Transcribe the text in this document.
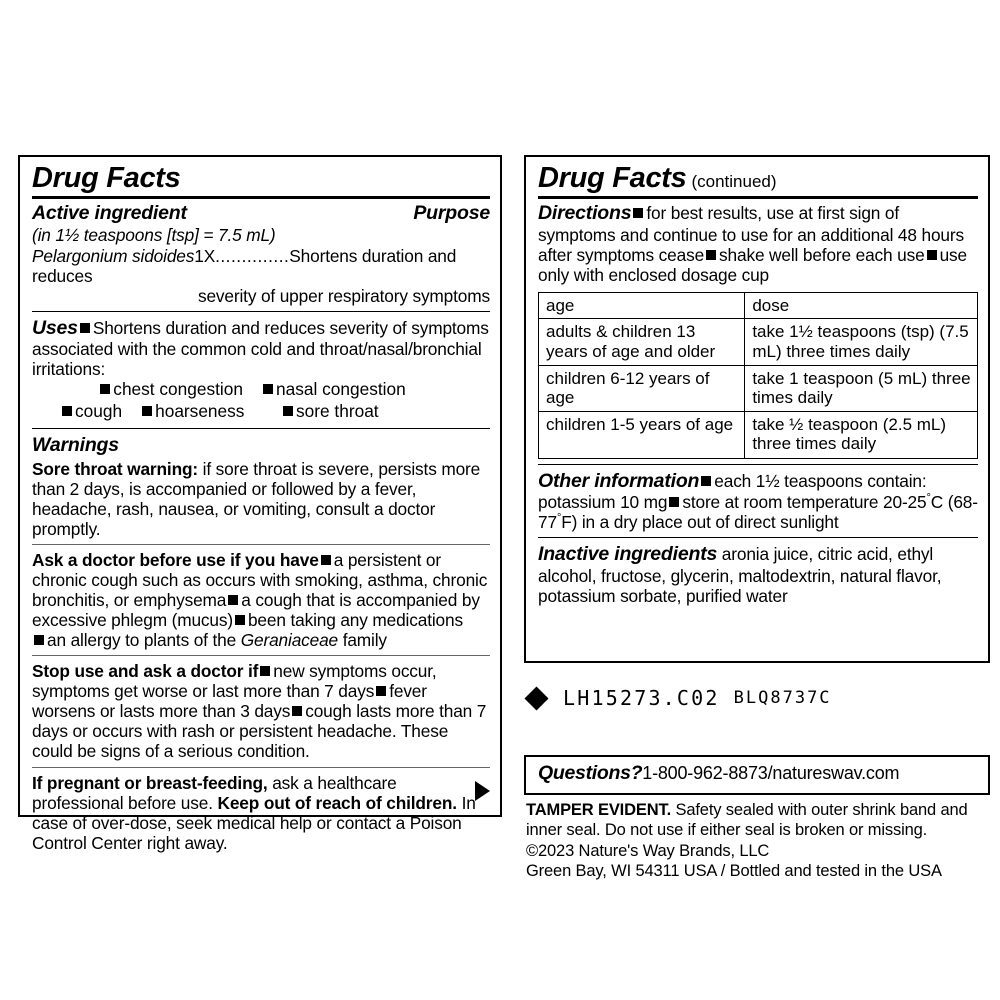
Drug Facts
Active ingredient	Purpose
(in 1½ teaspoons [tsp] = 7.5 mL)
Pelargonium sidoides1X..............Shortens duration and reduces
severity of upper respiratory symptoms
Uses Shortens duration and reduces severity of symptoms associated with the common cold and throat/nasal/bronchial irritations:
chest congestion	nasal congestion
cough hoarseness	sore throat
Warnings
Sore throat warning: if sore throat is severe, persists more than 2 days, is accompanied or followed by a fever, headache, rash, nausea, or vomiting, consult a doctor promptly.
Ask a doctor before use if you have a persistent or chronic cough such as occurs with smoking, asthma, chronic bronchitis, or emphysema a cough that is accompanied by excessive phlegm (mucus) been taking any medications
an allergy to plants of the Geraniaceae family
Stop use and ask a doctor if new symptoms occur, symptoms get worse or last more than 7 days fever worsens or lasts more than 3 days cough lasts more than 7 days or occurs with rash or persistent headache. These could be signs of a serious condition.
If pregnant or breast-feeding, ask a healthcare professional before use. Keep out of reach of children. In case of over-dose, seek medical help or contact a Poison Control Center right away.
Drug Facts (continued)
Directions for best results, use at first sign of symptoms and continue to use for an additional 48 hours after symptoms cease shake well before each use use only with enclosed dosage cup
age	dose
adults & children 13 years of age and older	take 1½ teaspoons (tsp) (7.5 mL) three times daily
children 6-12 years of age	take 1 teaspoon (5 mL) three times daily
children 1-5 years of age	take ½ teaspoon (2.5 mL) three times daily
Other information each 1½ teaspoons contain: potassium 10 mg store at room temperature 20-25°C (68-77°F) in a dry place out of direct sunlight
Inactive ingredients aronia juice, citric acid, ethyl alcohol, fructose, glycerin, maltodextrin, natural flavor, potassium sorbate, purified water
LH15273.C02 BLQ8737C
Questions? 1-800-962-8873 / natureswav.com
TAMPER EVIDENT. Safety sealed with outer shrink band and inner seal. Do not use if either seal is broken or missing.
©2023 Nature's Way Brands, LLC
Green Bay, WI 54311 USA / Bottled and tested in the USA
